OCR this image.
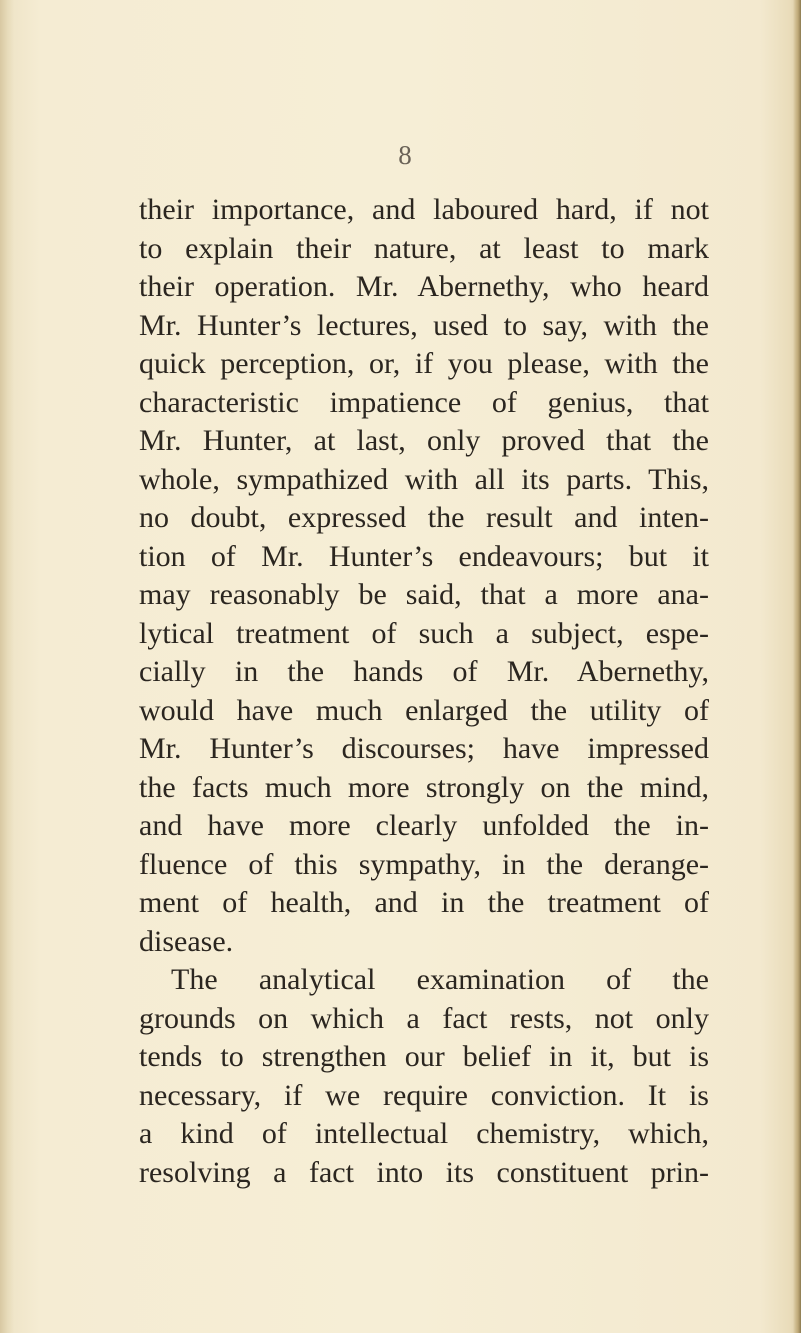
8
their importance, and laboured hard, if not
to explain their nature, at least to mark
their operation. Mr. Abernethy, who heard
Mr. Hunter’s lectures, used to say, with the
quick perception, or, if you please, with the
characteristic impatience of genius, that
Mr. Hunter, at last, only proved that the
whole, sympathized with all its parts. This,
no doubt, expressed the result and inten-
tion of Mr. Hunter’s endeavours; but it
may reasonably be said, that a more ana-
lytical treatment of such a subject, espe-
cially in the hands of Mr. Abernethy,
would have much enlarged the utility of
Mr. Hunter’s discourses; have impressed
the facts much more strongly on the mind,
and have more clearly unfolded the in-
fluence of this sympathy, in the derange-
ment of health, and in the treatment of
disease.
The analytical examination of the
grounds on which a fact rests, not only
tends to strengthen our belief in it, but is
necessary, if we require conviction. It is
a kind of intellectual chemistry, which,
resolving a fact into its constituent prin-
